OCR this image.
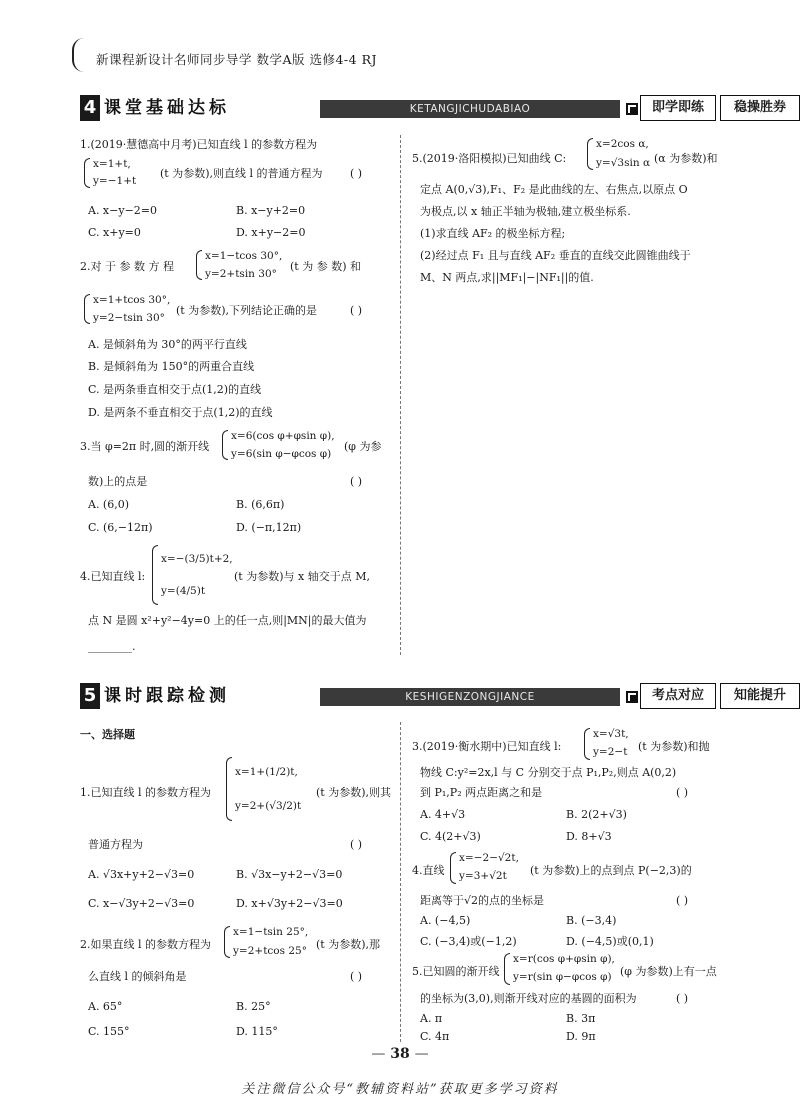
新课程新设计名师同步导学 数学A版 选修4-4 RJ
4 课堂基础达标	KETANGJICHUDABIAO	即学即练	稳操胜券
1.(2019·慧德高中月考)已知直线 l 的参数方程为
x=1+t,
y=−1+t
(t 为参数),则直线 l 的普通方程为 ( )
A. x−y−2=0	B. x−y+2=0
C. x+y=0	D. x+y−2=0
2.对 于 参 数 方 程
x=1−tcos 30°,
y=2+tsin 30°
(t 为 参 数) 和
x=1+tcos 30°,
y=2−tsin 30°
(t 为参数),下列结论正确的是	( )
A. 是倾斜角为 30°的两平行直线
B. 是倾斜角为 150°的两重合直线
C. 是两条垂直相交于点(1,2)的直线
D. 是两条不垂直相交于点(1,2)的直线
3.当 φ=2π 时,圆的渐开线
x=6(cos φ+φsin φ),
y=6(sin φ−φcos φ)
(φ 为参
数)上的点是	( )
A. (6,0)	B. (6,6π)
C. (6,−12π)	D. (−π,12π)
4.已知直线 l:
x=−(3/5)t+2,
y=(4/5)t
(t 为参数)与 x 轴交于点 M,
点 N 是圆 x²+y²−4y=0 上的任一点,则|MN|的最大值为
________.
5.(2019·洛阳模拟)已知曲线 C:
x=2cos α,
y=√3sin α (α 为参数)和
定点 A(0,√3),F₁、F₂ 是此曲线的左、右焦点,以原点 O
为极点,以 x 轴正半轴为极轴,建立极坐标系.
(1)求直线 AF₂ 的极坐标方程;
(2)经过点 F₁ 且与直线 AF₂ 垂直的直线交此圆锥曲线于
M、N 两点,求||MF₁|−|NF₁||的值.
5 课时跟踪检测	KESHIGENZONGJIANCE	考点对应	知能提升
一、选择题
1.已知直线 l 的参数方程为
x=1+(1/2)t,
y=2+(√3/2)t
(t 为参数),则其
普通方程为	( )
A. √3x+y+2−√3=0	B. √3x−y+2−√3=0
C. x−√3y+2−√3=0	D. x+√3y+2−√3=0
2.如果直线 l 的参数方程为
x=1−tsin 25°,
y=2+tcos 25° (t 为参数),那
么直线 l 的倾斜角是	( )
A. 65°	B. 25°
C. 155°	D. 115°
3.(2019·衡水期中)已知直线 l:
x=√3t,
y=2−t (t 为参数)和抛
物线 C:y²=2x,l 与 C 分别交于点 P₁,P₂,则点 A(0,2)
到 P₁,P₂ 两点距离之和是	( )
A. 4+√3	B. 2(2+√3)
C. 4(2+√3)	D. 8+√3
4.直线
x=−2−√2t,
y=3+√2t (t 为参数)上的点到点 P(−2,3)的
距离等于√2的点的坐标是	( )
A. (−4,5)	B. (−3,4)
C. (−3,4)或(−1,2)	D. (−4,5)或(0,1)
5.已知圆的渐开线
x=r(cos φ+φsin φ),
y=r(sin φ−φcos φ) (φ 为参数)上有一点
的坐标为(3,0),则渐开线对应的基圆的面积为	( )
A. π	B. 3π
C. 4π	D. 9π
— 38 —
关注微信公众号“教辅资料站”获取更多学习资料
